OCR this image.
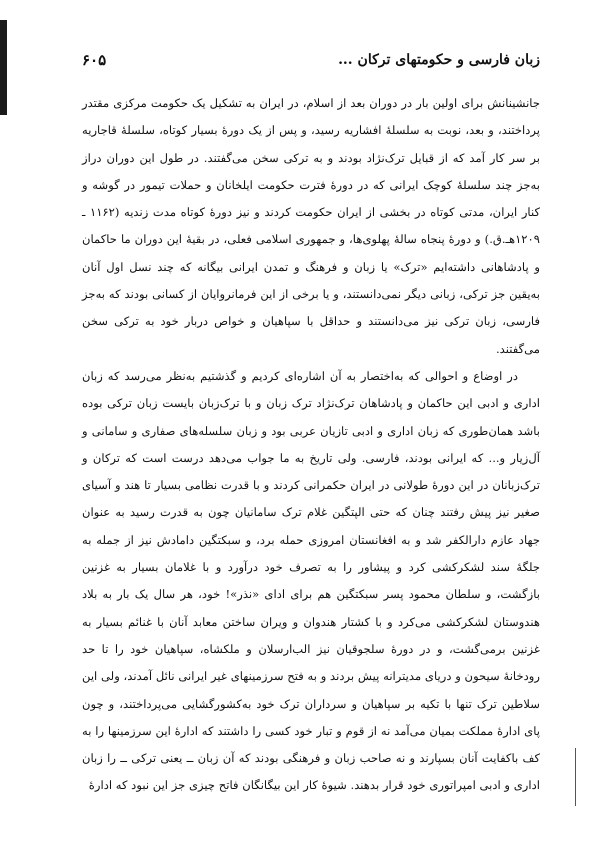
زبان فارسی و حکومتهای ترکان ...
۶۰۵

جانشینانش برای اولین بار در دوران بعد از اسلام، در ایران به تشکیل یک حکومت مرکزی مقتدر پرداختند، و بعد، نوبت به سلسلهٔ افشاریه رسید، و پس از یک دورهٔ بسیار کوتاه، سلسلهٔ قاجاریه بر سر کار آمد که از قبایل ترک‌نژاد بودند و به ترکی سخن می‌گفتند. در طول این دوران دراز به‌جز چند سلسلهٔ کوچک ایرانی که در دورهٔ فترت حکومت ایلخانان و حملات تیمور در گوشه و کنار ایران، مدتی کوتاه در بخشی از ایران حکومت کردند و نیز دورهٔ کوتاه مدت زندیه (۱۱۶۲ ـ ۱۲۰۹هـ.ق.) و دورهٔ پنجاه سالهٔ پهلوی‌ها، و جمهوری اسلامی فعلی، در بقیهٔ این دوران ما حاکمان و پادشاهانی داشته‌ایم «ترک» یا زبان و فرهنگ و تمدن ایرانی بیگانه که چند نسل اول آنان به‌یقین جز ترکی، زبانی دیگر نمی‌دانستند، و یا برخی از این فرمانروایان از کسانی بودند که به‌جز فارسی، زبان ترکی نیز می‌دانستند و حداقل با سپاهیان و خواص دربار خود به ترکی سخن می‌گفتند.

در اوضاع و احوالی که به‌اختصار به آن اشاره‌ای کردیم و گذشتیم به‌نظر می‌رسد که زبان اداری و ادبی این حاکمان و پادشاهان ترک‌نژاد ترک زبان و با ترک‌زبان بایست زبان ترکی بوده باشد همان‌طوری که زبان اداری و ادبی تازیان عربی بود و زبان سلسله‌های صفاری و سامانی و آل‌زیار و... که ایرانی بودند، فارسی. ولی تاریخ به ما جواب می‌دهد درست است که ترکان و ترک‌زبانان در این دورهٔ طولانی در ایران حکمرانی کردند و با قدرت نظامی بسیار تا هند و آسیای صغیر نیز پیش رفتند چنان که حتی الپتگین غلام ترک سامانیان چون به قدرت رسید به عنوان جهاد عازم دارالکفر شد و به افغانستان امروزی حمله برد، و سبکتگین دامادش نیز از جمله به جلگهٔ سند لشکرکشی کرد و پیشاور را به تصرف خود درآورد و با غلامان بسیار به غزنین بازگشت، و سلطان محمود پسر سبکتگین هم برای ادای «نذر»! خود، هر سال یک بار به بلاد هندوستان لشکرکشی می‌کرد و با کشتار هندوان و ویران ساختن معابد آنان با غنائم بسیار به غزنین برمی‌گشت، و در دورهٔ سلجوقیان نیز الب‌ارسلان و ملکشاه، سپاهیان خود را تا حد رودخانهٔ سیحون و دریای مدیترانه پیش بردند و به فتح سرزمینهای غیر ایرانی نائل آمدند، ولی این سلاطین ترک تنها با تکیه بر سپاهیان و سرداران ترک خود به‌کشورگشایی می‌پرداختند، و چون پای ادارهٔ مملکت بمیان می‌آمد نه از قوم و تبار خود کسی را داشتند که ادارهٔ این سرزمینها را به کف باکفایت آنان بسپارند و نه صاحب زبان و فرهنگی بودند که آن زبان ــ یعنی ترکی ــ را زبان اداری و ادبی امپراتوری خود قرار بدهند. شیوهٔ کار این بیگانگان فاتح چیزی جز این نبود که ادارهٔ
